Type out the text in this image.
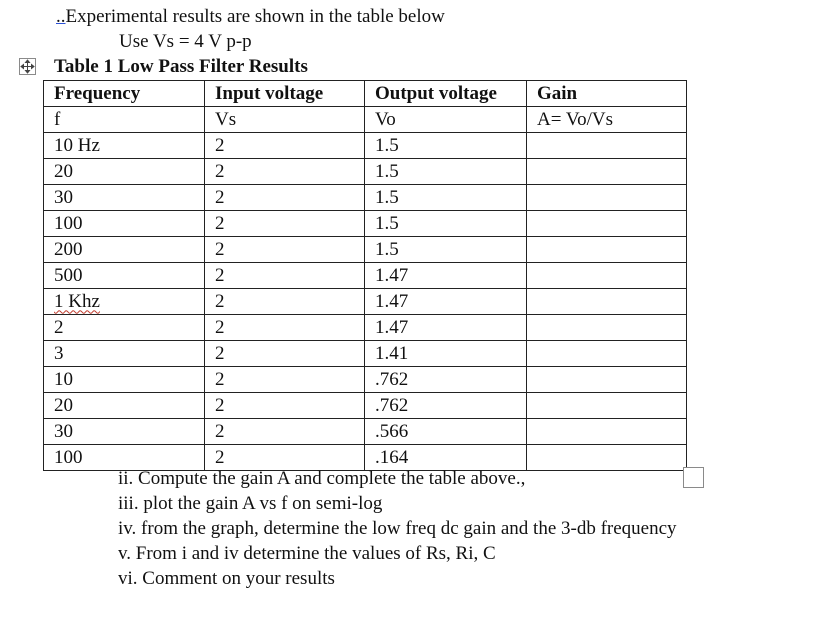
..Experimental results are shown in the table below
Use Vs = 4 V p-p
Table 1 Low Pass Filter Results
Frequency	Input voltage	Output voltage	Gain
f	Vs	Vo	A= Vo/Vs
10 Hz	2	1.5	
20	2	1.5	
30	2	1.5	
100	2	1.5	
200	2	1.5	
500	2	1.47	
1 Khz	2	1.47	
2	2	1.47	
3	2	1.41	
10	2	.762	
20	2	.762	
30	2	.566	
100	2	.164	
ii. Compute the gain A and complete the table above.,
iii. plot the gain A vs f on semi-log
iv. from the graph, determine the low freq dc gain and the 3-db frequency
v. From i and iv determine the values of Rs, Ri, C
vi. Comment on your results
